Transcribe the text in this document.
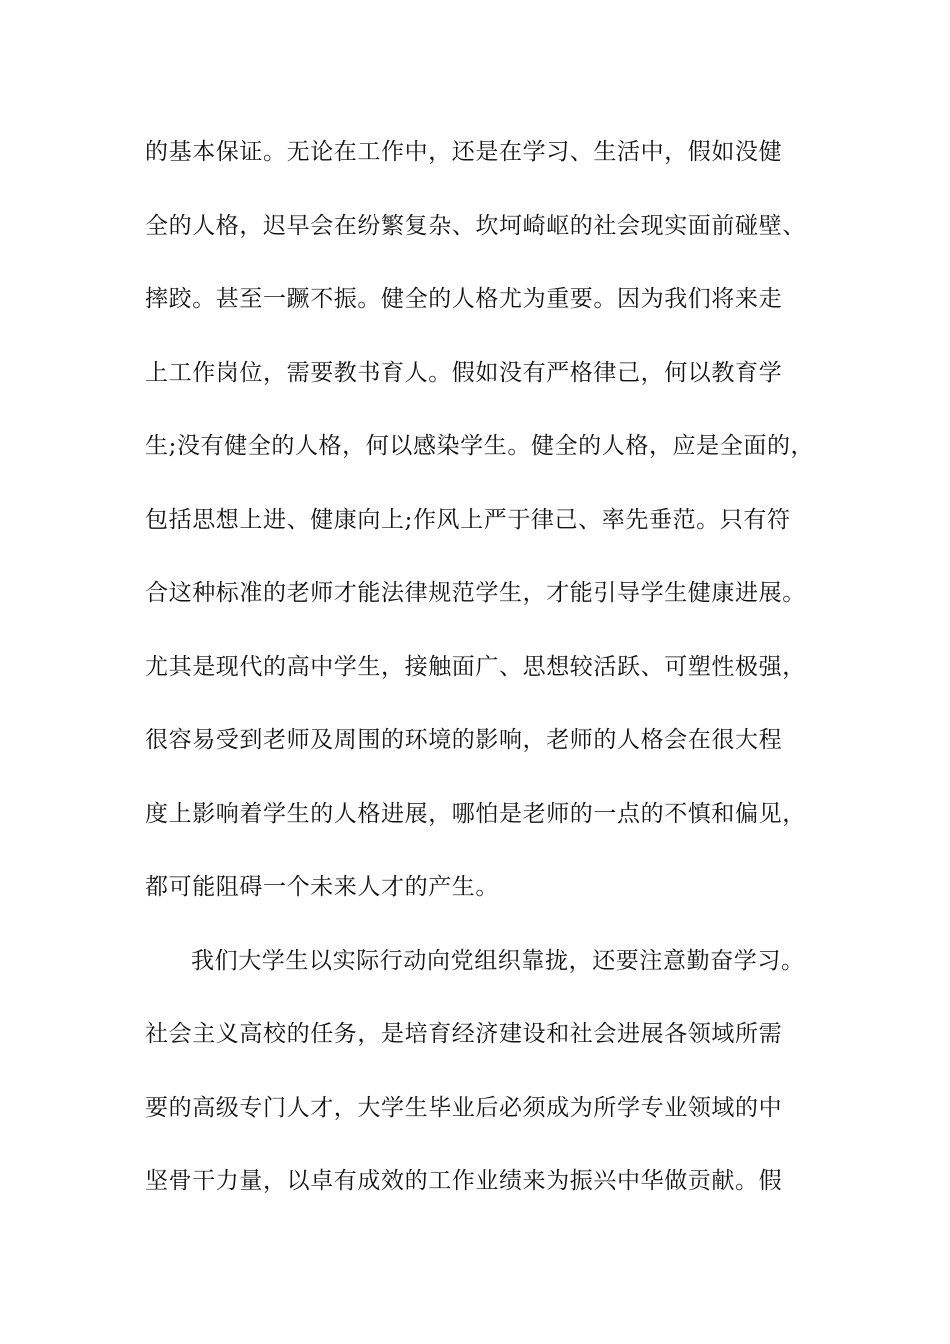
的基本保证。无论在工作中，还是在学习、生活中，假如没健
全的人格，迟早会在纷繁复杂、坎坷崎岖的社会现实面前碰壁、
摔跤。甚至一蹶不振。健全的人格尤为重要。因为我们将来走
上工作岗位，需要教书育人。假如没有严格律己，何以教育学
生;没有健全的人格，何以感染学生。健全的人格，应是全面的，
包括思想上进、健康向上;作风上严于律己、率先垂范。只有符
合这种标准的老师才能法律规范学生，才能引导学生健康进展。
尤其是现代的高中学生，接触面广、思想较活跃、可塑性极强，
很容易受到老师及周围的环境的影响，老师的人格会在很大程
度上影响着学生的人格进展，哪怕是老师的一点的不慎和偏见，
都可能阻碍一个未来人才的产生。
我们大学生以实际行动向党组织靠拢，还要注意勤奋学习。
社会主义高校的任务，是培育经济建设和社会进展各领域所需
要的高级专门人才，大学生毕业后必须成为所学专业领域的中
坚骨干力量，以卓有成效的工作业绩来为振兴中华做贡献。假
